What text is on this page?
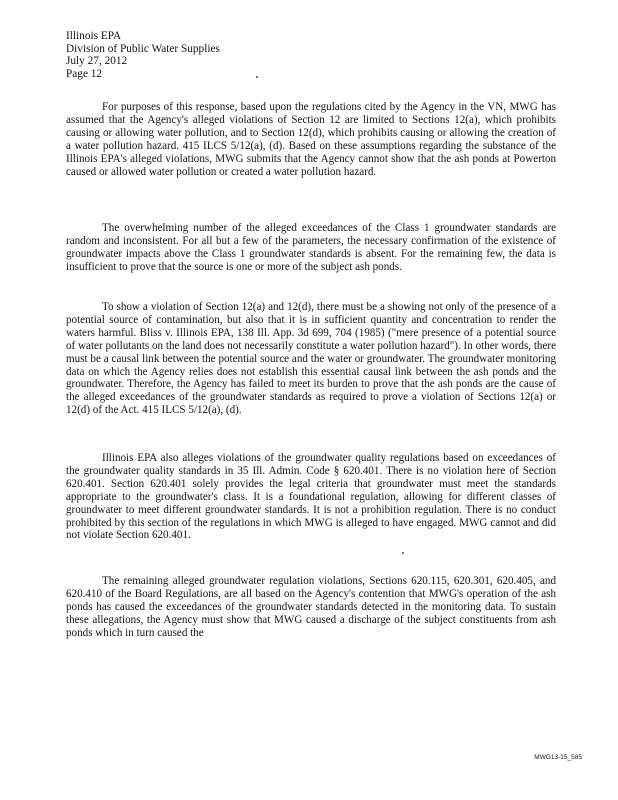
Illinois EPA
Division of Public Water Supplies
July 27, 2012
Page 12

For purposes of this response, based upon the regulations cited by the Agency in the VN, MWG has assumed that the Agency's alleged violations of Section 12 are limited to Sections 12(a), which prohibits causing or allowing water pollution, and to Section 12(d), which prohibits causing or allowing the creation of a water pollution hazard. 415 ILCS 5/12(a), (d). Based on these assumptions regarding the substance of the Illinois EPA's alleged violations, MWG submits that the Agency cannot show that the ash ponds at Powerton caused or allowed water pollution or created a water pollution hazard.

The overwhelming number of the alleged exceedances of the Class 1 groundwater standards are random and inconsistent. For all but a few of the parameters, the necessary confirmation of the existence of groundwater impacts above the Class 1 groundwater standards is absent. For the remaining few, the data is insufficient to prove that the source is one or more of the subject ash ponds.

To show a violation of Section 12(a) and 12(d), there must be a showing not only of the presence of a potential source of contamination, but also that it is in sufficient quantity and concentration to render the waters harmful. Bliss v. Illinois EPA, 138 Ill. App. 3d 699, 704 (1985) ("mere presence of a potential source of water pollutants on the land does not necessarily constitute a water pollution hazard"). In other words, there must be a causal link between the potential source and the water or groundwater. The groundwater monitoring data on which the Agency relies does not establish this essential causal link between the ash ponds and the groundwater. Therefore, the Agency has failed to meet its burden to prove that the ash ponds are the cause of the alleged exceedances of the groundwater standards as required to prove a violation of Sections 12(a) or 12(d) of the Act. 415 ILCS 5/12(a), (d).

Illinois EPA also alleges violations of the groundwater quality regulations based on exceedances of the groundwater quality standards in 35 Ill. Admin. Code § 620.401. There is no violation here of Section 620.401. Section 620.401 solely provides the legal criteria that groundwater must meet the standards appropriate to the groundwater's class. It is a foundational regulation, allowing for different classes of groundwater to meet different groundwater standards. It is not a prohibition regulation. There is no conduct prohibited by this section of the regulations in which MWG is alleged to have engaged. MWG cannot and did not violate Section 620.401.

The remaining alleged groundwater regulation violations, Sections 620.115, 620.301, 620.405, and 620.410 of the Board Regulations, are all based on the Agency's contention that MWG's operation of the ash ponds has caused the exceedances of the groundwater standards detected in the monitoring data. To sustain these allegations, the Agency must show that MWG caused a discharge of the subject constituents from ash ponds which in turn caused the

MWG13-15_585
